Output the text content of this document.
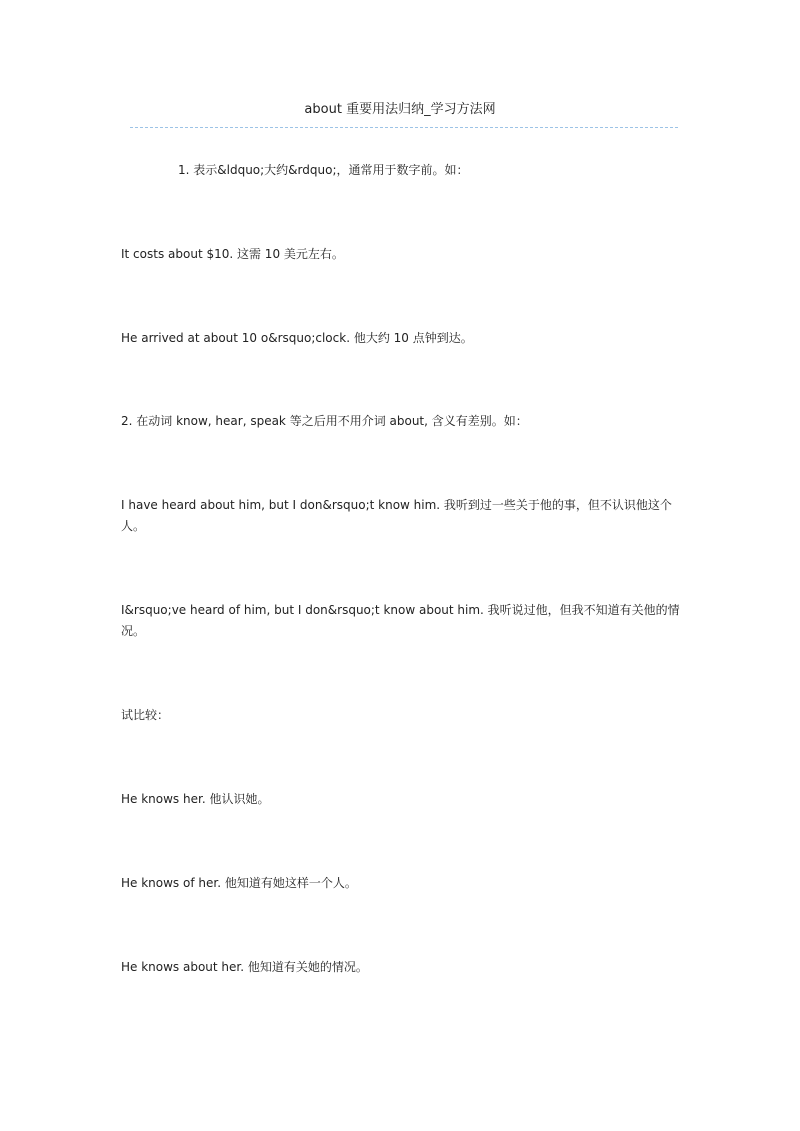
about 重要用法归纳_学习方法网
1. 表示&ldquo;大约&rdquo;，通常用于数字前。如：
It costs about $10. 这需 10 美元左右。
He arrived at about 10 o&rsquo;clock. 他大约 10 点钟到达。
2. 在动词 know, hear, speak 等之后用不用介词 about, 含义有差别。如：
I have heard about him, but I don&rsquo;t know him. 我听到过一些关于他的事，但不认识他这个人。
I&rsquo;ve heard of him, but I don&rsquo;t know about him. 我听说过他，但我不知道有关他的情况。
试比较：
He knows her. 他认识她。
He knows of her. 他知道有她这样一个人。
He knows about her. 他知道有关她的情况。
